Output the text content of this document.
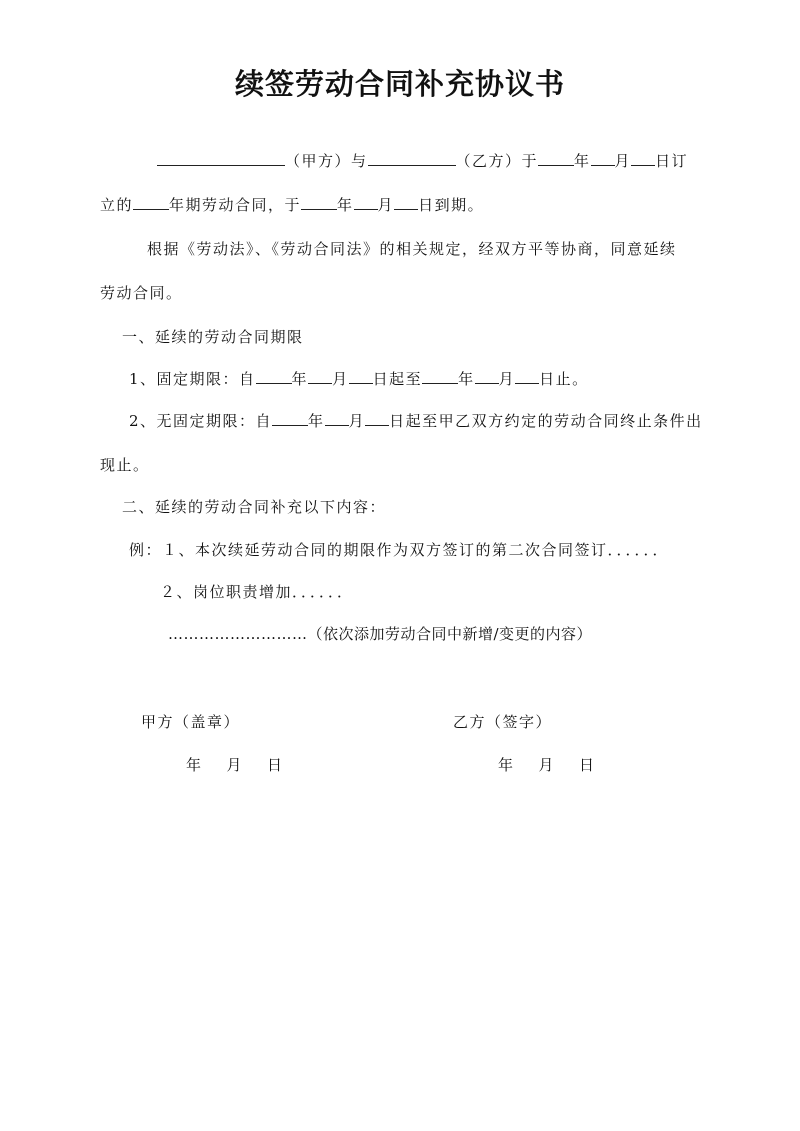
续签劳动合同补充协议书
（甲方）与	（乙方）于 年 月 日订
立的 年期劳动合同，于 年 月 日到期。
根据《劳动法》、《劳动合同法》的相关规定，经双方平等协商，同意延续
劳动合同。
一、延续的劳动合同期限
1、固定期限：自 年 月 日起至 年 月 日止。
2、无固定期限：自 年 月 日起至甲乙双方约定的劳动合同终止条件出
现止。
二、延续的劳动合同补充以下内容：
例：１、本次续延劳动合同的期限作为双方签订的第二次合同签订．．．．．．
２、岗位职责增加．．．．．．
………………………（依次添加劳动合同中新增/变更的内容）
甲方（盖章）	乙方（签字）
年 月 日	年 月 日
